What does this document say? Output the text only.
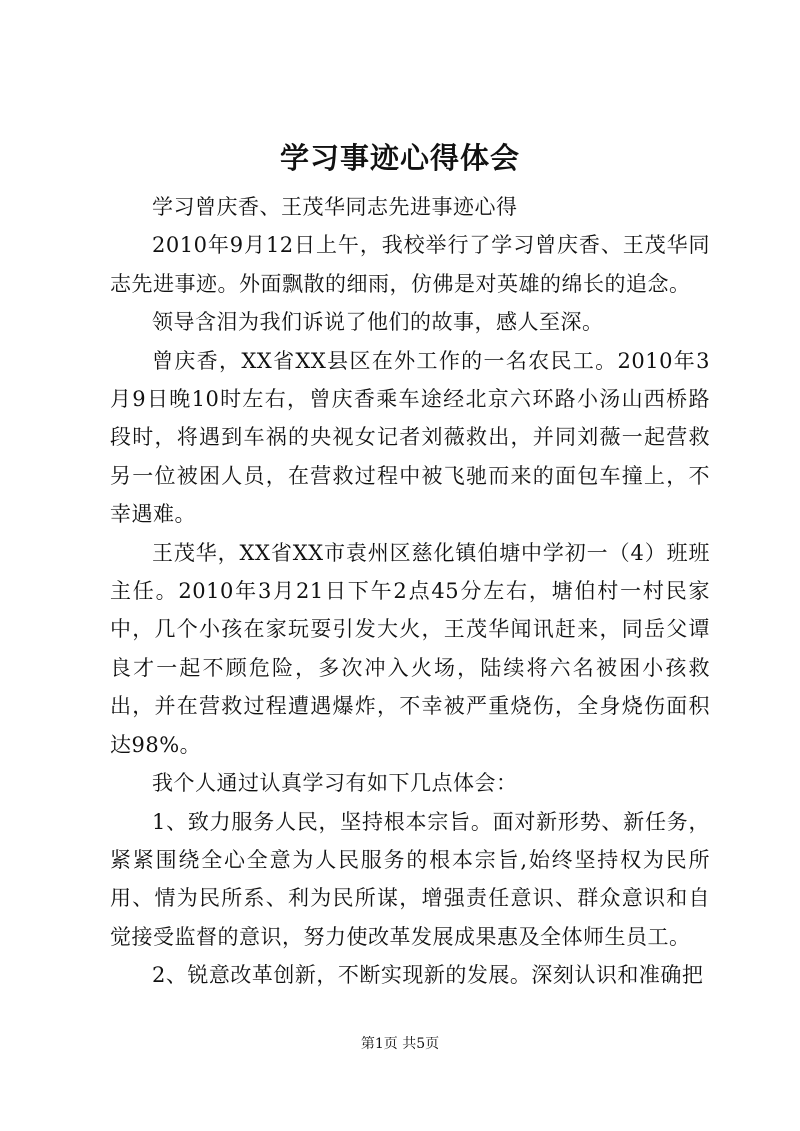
学习事迹心得体会

学习曾庆香、王茂华同志先进事迹心得

2010年9月12日上午，我校举行了学习曾庆香、王茂华同志先进事迹。外面飘散的细雨，仿佛是对英雄的绵长的追念。

领导含泪为我们诉说了他们的故事，感人至深。

曾庆香，XX省XX县区在外工作的一名农民工。2010年3月9日晚10时左右，曾庆香乘车途经北京六环路小汤山西桥路段时，将遇到车祸的央视女记者刘薇救出，并同刘薇一起营救另一位被困人员，在营救过程中被飞驰而来的面包车撞上，不幸遇难。

王茂华，XX省XX市袁州区慈化镇伯塘中学初一（4）班班主任。2010年3月21日下午2点45分左右，塘伯村一村民家中，几个小孩在家玩耍引发大火，王茂华闻讯赶来，同岳父谭良才一起不顾危险，多次冲入火场，陆续将六名被困小孩救出，并在营救过程遭遇爆炸，不幸被严重烧伤，全身烧伤面积达98%。

我个人通过认真学习有如下几点体会：

1、致力服务人民，坚持根本宗旨。面对新形势、新任务，紧紧围绕全心全意为人民服务的根本宗旨,始终坚持权为民所用、情为民所系、利为民所谋，增强责任意识、群众意识和自觉接受监督的意识，努力使改革发展成果惠及全体师生员工。

2、锐意改革创新，不断实现新的发展。深刻认识和准确把

第1页 共5页
